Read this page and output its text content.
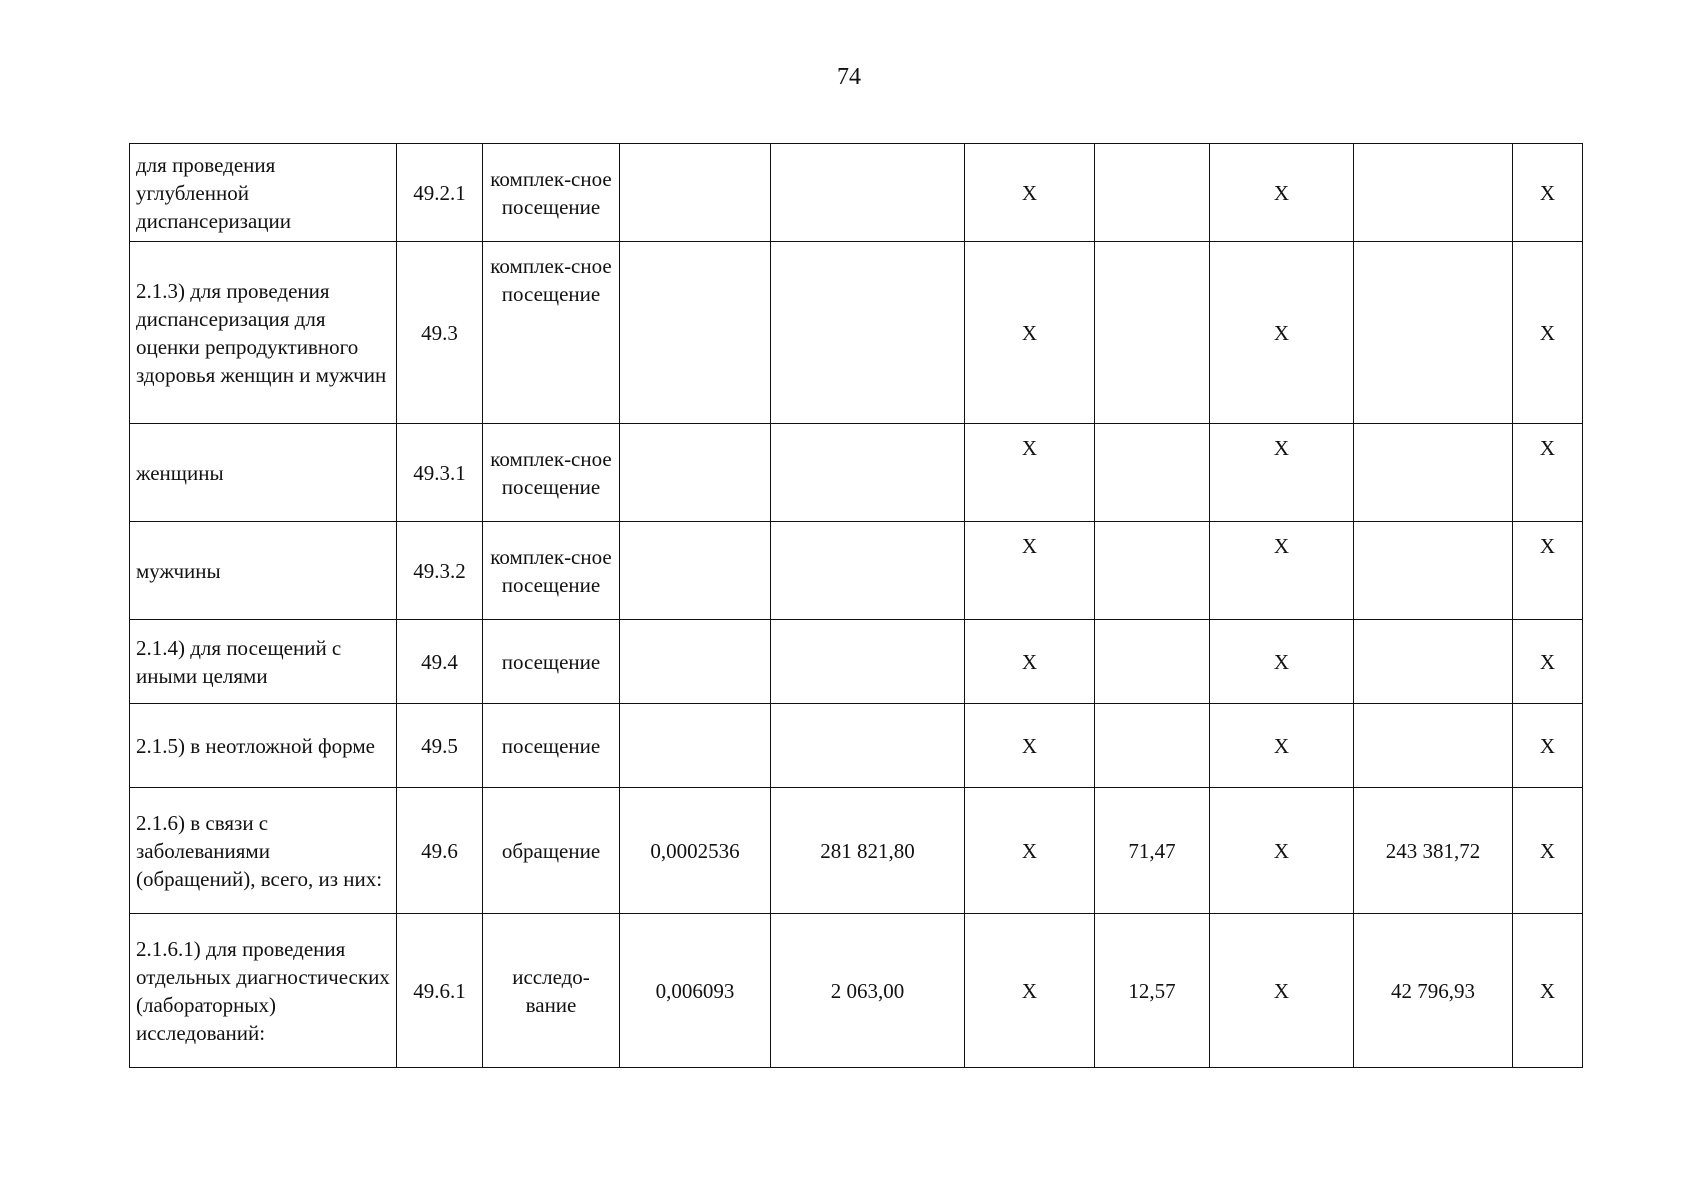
74
для проведения углубленной диспансеризации	49.2.1	комплек-сное посещение			X		X		X
2.1.3) для проведения диспансеризация для оценки репродуктивного здоровья женщин и мужчин	49.3	комплек-сное посещение			X		X		X
женщины	49.3.1	комплек-сное посещение			X		X		X
мужчины	49.3.2	комплек-сное посещение			X		X		X
2.1.4) для посещений с иными целями	49.4	посещение			X		X		X
2.1.5) в неотложной форме	49.5	посещение			X		X		X
2.1.6) в связи с заболеваниями (обращений), всего, из них:	49.6	обращение	0,0002536	281 821,80	X	71,47	X	243 381,72	X
2.1.6.1) для проведения отдельных диагностических (лабораторных) исследований:	49.6.1	исследо-вание	0,006093	2 063,00	X	12,57	X	42 796,93	X
